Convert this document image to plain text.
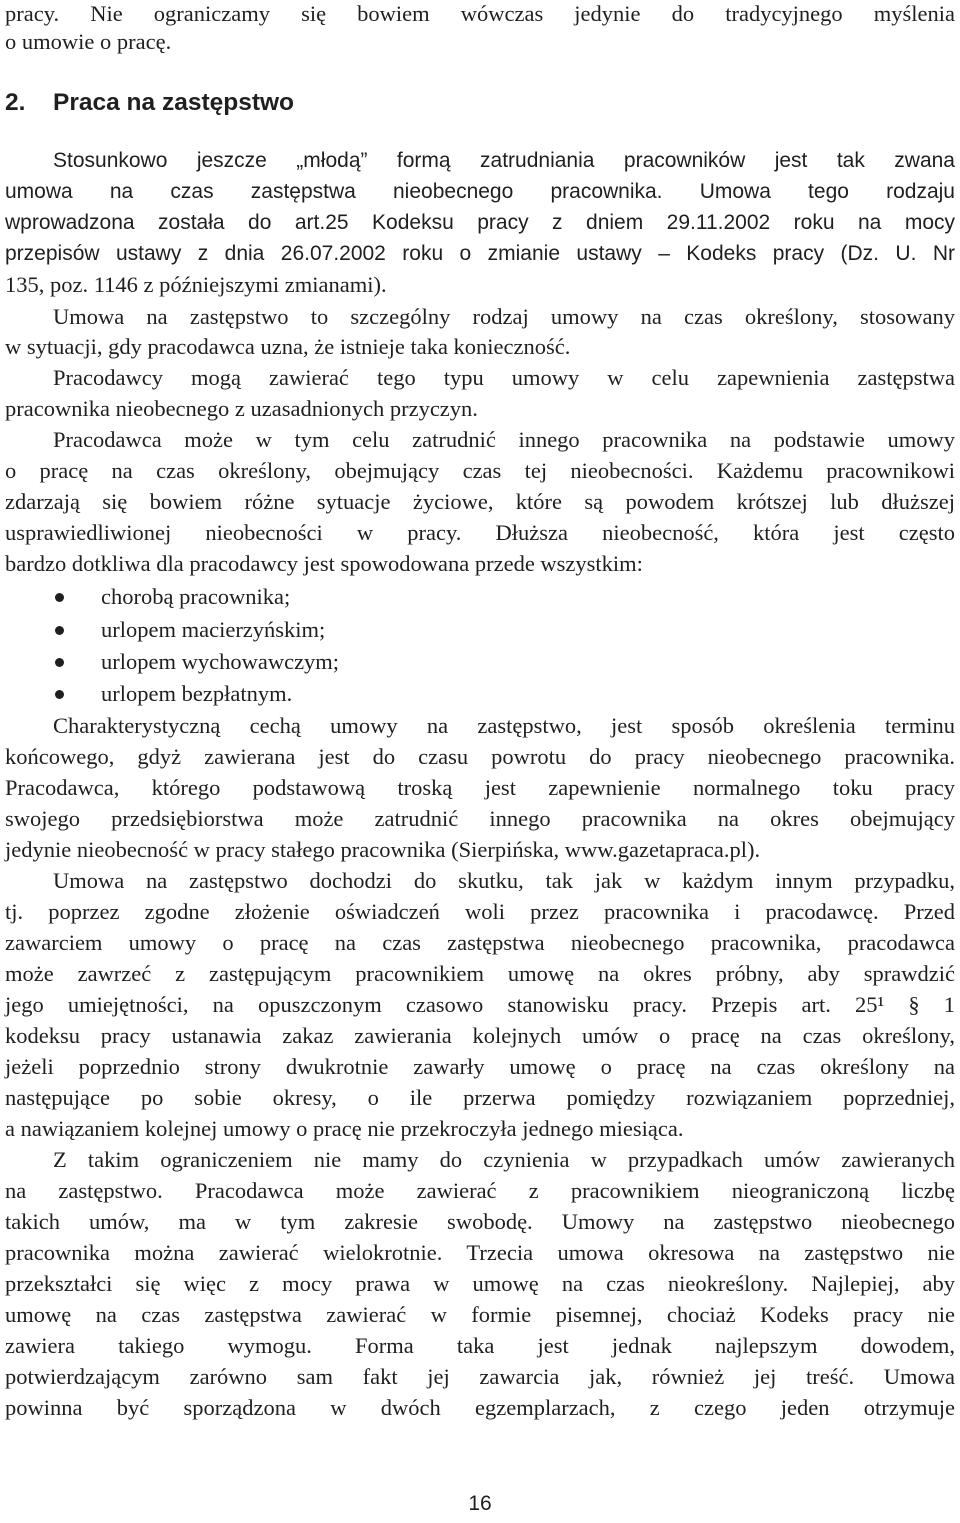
pracy. Nie ograniczamy się bowiem wówczas jedynie do tradycyjnego myślenia
o umowie o pracę.
2. Praca na zastępstwo
Stosunkowo jeszcze „młodą” formą zatrudniania pracowników jest tak zwana
umowa na czas zastępstwa nieobecnego pracownika. Umowa tego rodzaju
wprowadzona została do art.25 Kodeksu pracy z dniem 29.11.2002 roku na mocy
przepisów ustawy z dnia 26.07.2002 roku o zmianie ustawy – Kodeks pracy (Dz. U. Nr
135, poz. 1146 z późniejszymi zmianami).
Umowa na zastępstwo to szczególny rodzaj umowy na czas określony, stosowany
w sytuacji, gdy pracodawca uzna, że istnieje taka konieczność.
Pracodawcy mogą zawierać tego typu umowy w celu zapewnienia zastępstwa
pracownika nieobecnego z uzasadnionych przyczyn.
Pracodawca może w tym celu zatrudnić innego pracownika na podstawie umowy
o pracę na czas określony, obejmujący czas tej nieobecności. Każdemu pracownikowi
zdarzają się bowiem różne sytuacje życiowe, które są powodem krótszej lub dłuższej
usprawiedliwionej nieobecności w pracy. Dłuższa nieobecność, która jest często
bardzo dotkliwa dla pracodawcy jest spowodowana przede wszystkim:
chorobą pracownika;
urlopem macierzyńskim;
urlopem wychowawczym;
urlopem bezpłatnym.
Charakterystyczną cechą umowy na zastępstwo, jest sposób określenia terminu
końcowego, gdyż zawierana jest do czasu powrotu do pracy nieobecnego pracownika.
Pracodawca, którego podstawową troską jest zapewnienie normalnego toku pracy
swojego przedsiębiorstwa może zatrudnić innego pracownika na okres obejmujący
jedynie nieobecność w pracy stałego pracownika (Sierpińska, www.gazetapraca.pl).
Umowa na zastępstwo dochodzi do skutku, tak jak w każdym innym przypadku,
tj. poprzez zgodne złożenie oświadczeń woli przez pracownika i pracodawcę. Przed
zawarciem umowy o pracę na czas zastępstwa nieobecnego pracownika, pracodawca
może zawrzeć z zastępującym pracownikiem umowę na okres próbny, aby sprawdzić
jego umiejętności, na opuszczonym czasowo stanowisku pracy. Przepis art. 25¹ § 1
kodeksu pracy ustanawia zakaz zawierania kolejnych umów o pracę na czas określony,
jeżeli poprzednio strony dwukrotnie zawarły umowę o pracę na czas określony na
następujące po sobie okresy, o ile przerwa pomiędzy rozwiązaniem poprzedniej,
a nawiązaniem kolejnej umowy o pracę nie przekroczyła jednego miesiąca.
Z takim ograniczeniem nie mamy do czynienia w przypadkach umów zawieranych
na zastępstwo. Pracodawca może zawierać z pracownikiem nieograniczoną liczbę
takich umów, ma w tym zakresie swobodę. Umowy na zastępstwo nieobecnego
pracownika można zawierać wielokrotnie. Trzecia umowa okresowa na zastępstwo nie
przekształci się więc z mocy prawa w umowę na czas nieokreślony. Najlepiej, aby
umowę na czas zastępstwa zawierać w formie pisemnej, chociaż Kodeks pracy nie
zawiera takiego wymogu. Forma taka jest jednak najlepszym dowodem,
potwierdzającym zarówno sam fakt jej zawarcia jak, również jej treść. Umowa
powinna być sporządzona w dwóch egzemplarzach, z czego jeden otrzymuje
16
